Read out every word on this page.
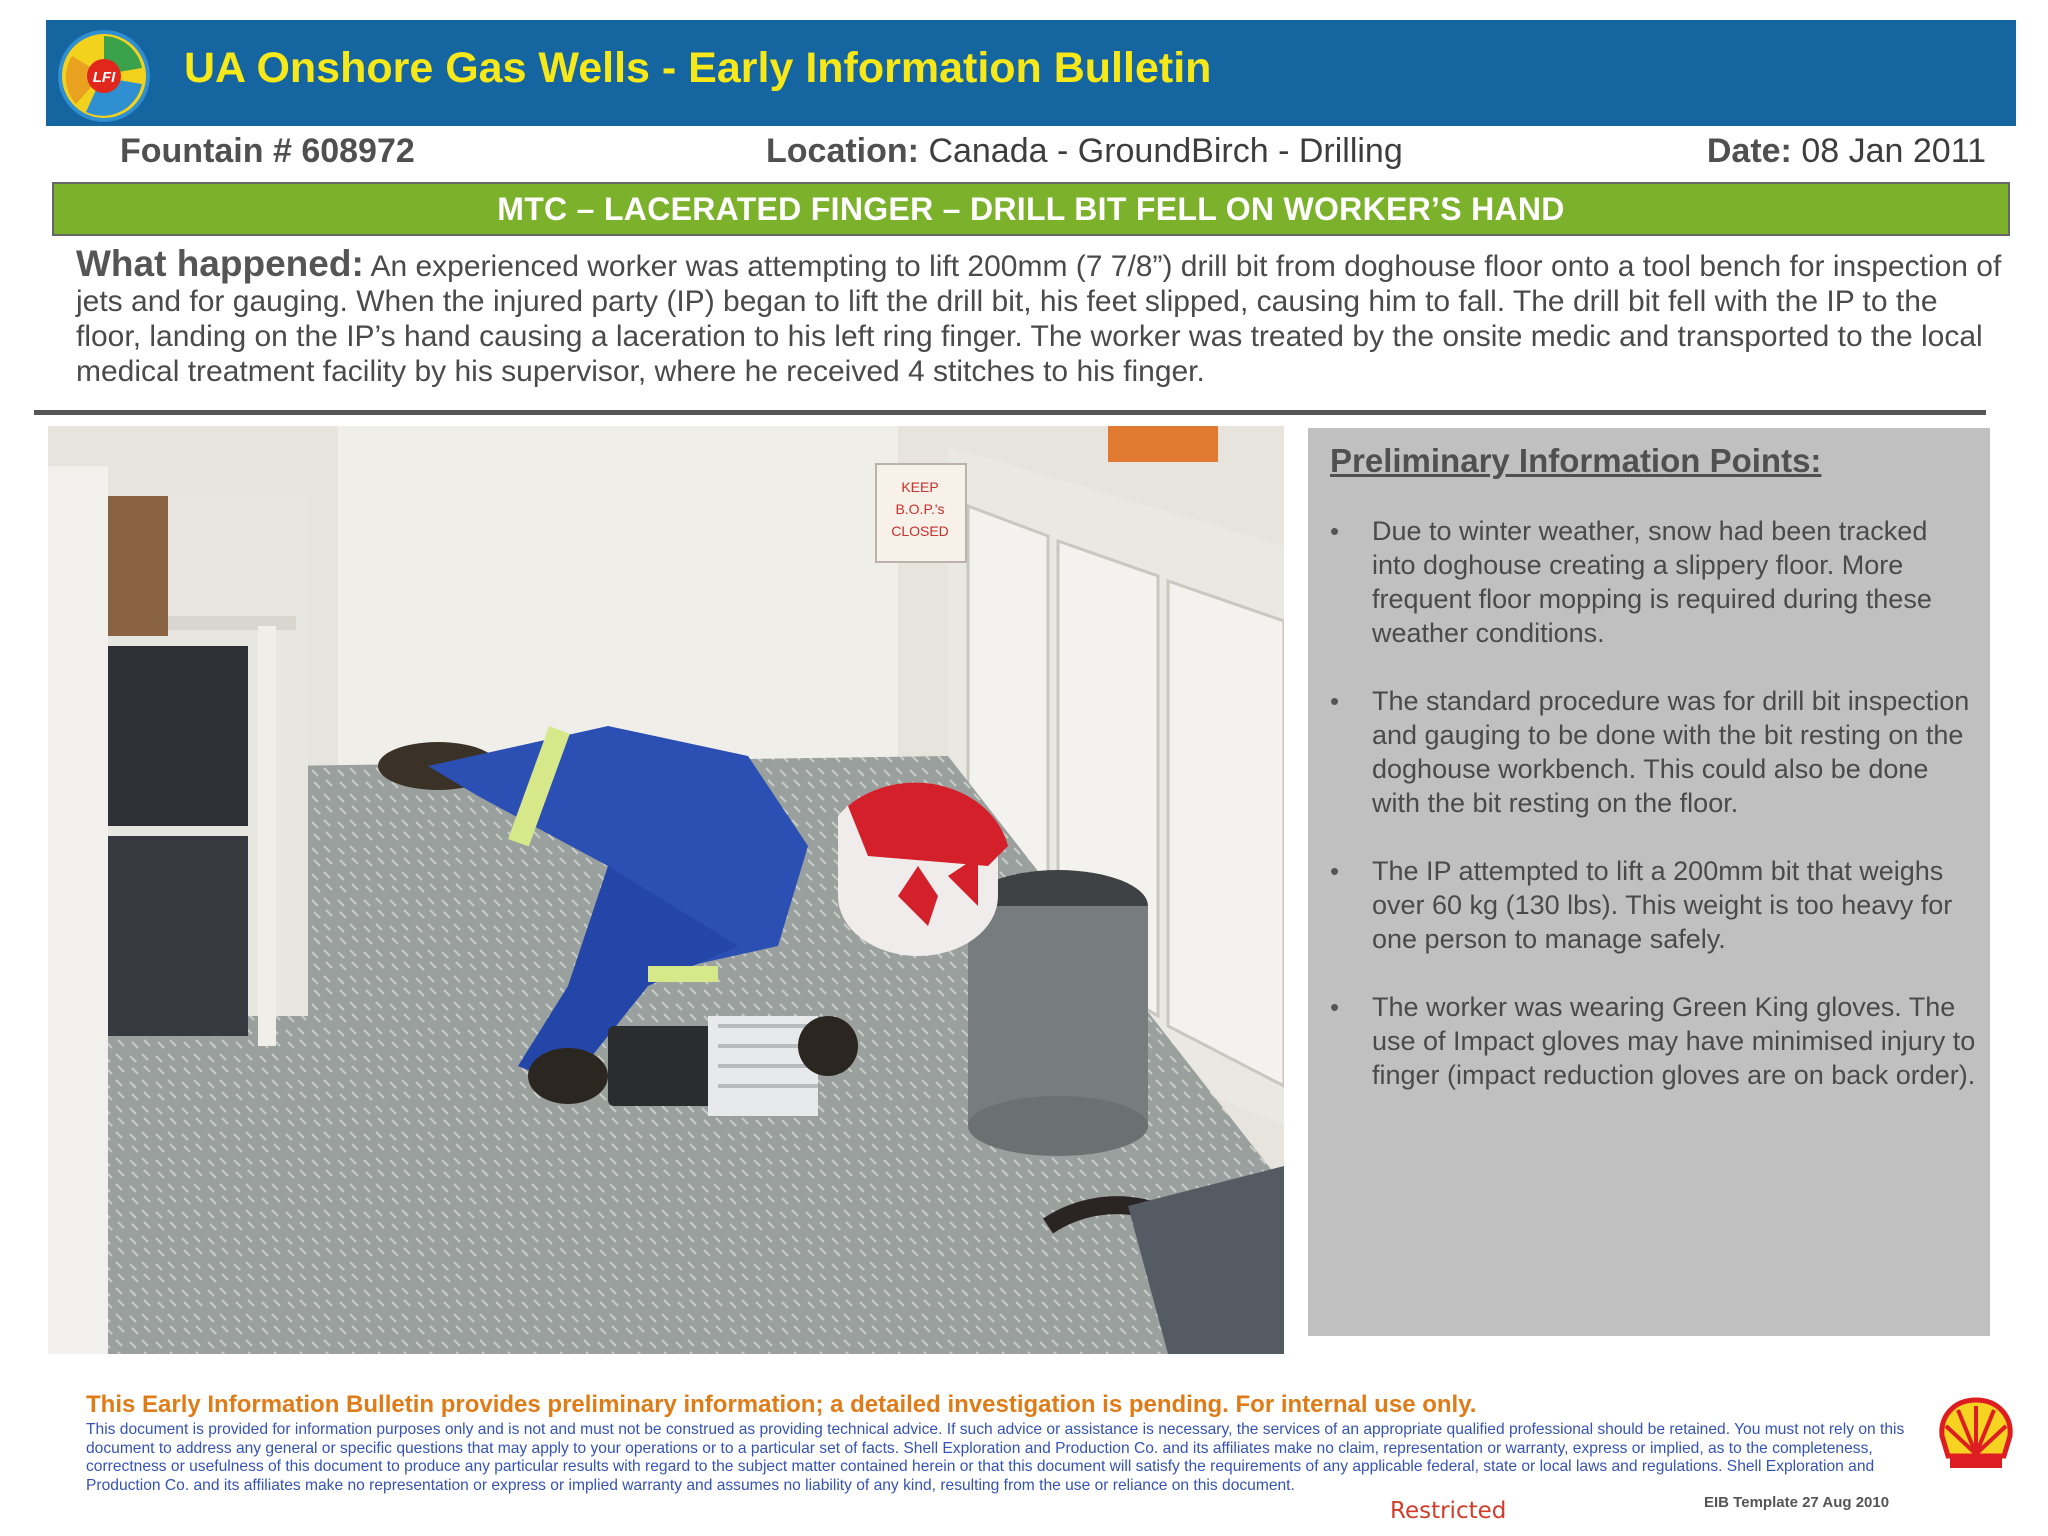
LFI UA Onshore Gas Wells - Early Information Bulletin
Fountain # 608972	Location: Canada - GroundBirch - Drilling	Date: 08 Jan 2011
MTC – LACERATED FINGER – DRILL BIT FELL ON WORKER’S HAND
What happened: An experienced worker was attempting to lift 200mm (7 7/8”) drill bit from doghouse floor onto a tool bench for inspection of jets and for gauging. When the injured party (IP) began to lift the drill bit, his feet slipped, causing him to fall. The drill bit fell with the IP to the floor, landing on the IP’s hand causing a laceration to his left ring finger. The worker was treated by the onsite medic and transported to the local medical treatment facility by his supervisor, where he received 4 stitches to his finger.
KEEP
B.O.P.'s
CLOSED
Preliminary Information Points:
•	Due to winter weather, snow had been tracked into doghouse creating a slippery floor. More frequent floor mopping is required during these weather conditions.
•	The standard procedure was for drill bit inspection and gauging to be done with the bit resting on the doghouse workbench. This could also be done with the bit resting on the floor.
•	The IP attempted to lift a 200mm bit that weighs over 60 kg (130 lbs). This weight is too heavy for one person to manage safely.
•	The worker was wearing Green King gloves. The use of Impact gloves may have minimised injury to finger (impact reduction gloves are on back order).
This Early Information Bulletin provides preliminary information; a detailed investigation is pending. For internal use only.
This document is provided for information purposes only and is not and must not be construed as providing technical advice. If such advice or assistance is necessary, the services of an appropriate qualified professional should be retained. You must not rely on this document to address any general or specific questions that may apply to your operations or to a particular set of facts. Shell Exploration and Production Co. and its affiliates make no claim, representation or warranty, express or implied, as to the completeness, correctness or usefulness of this document to produce any particular results with regard to the subject matter contained herein or that this document will satisfy the requirements of any applicable federal, state or local laws and regulations. Shell Exploration and Production Co. and its affiliates make no representation or express or implied warranty and assumes no liability of any kind, resulting from the use or reliance on this document.
Restricted	EIB Template 27 Aug 2010
